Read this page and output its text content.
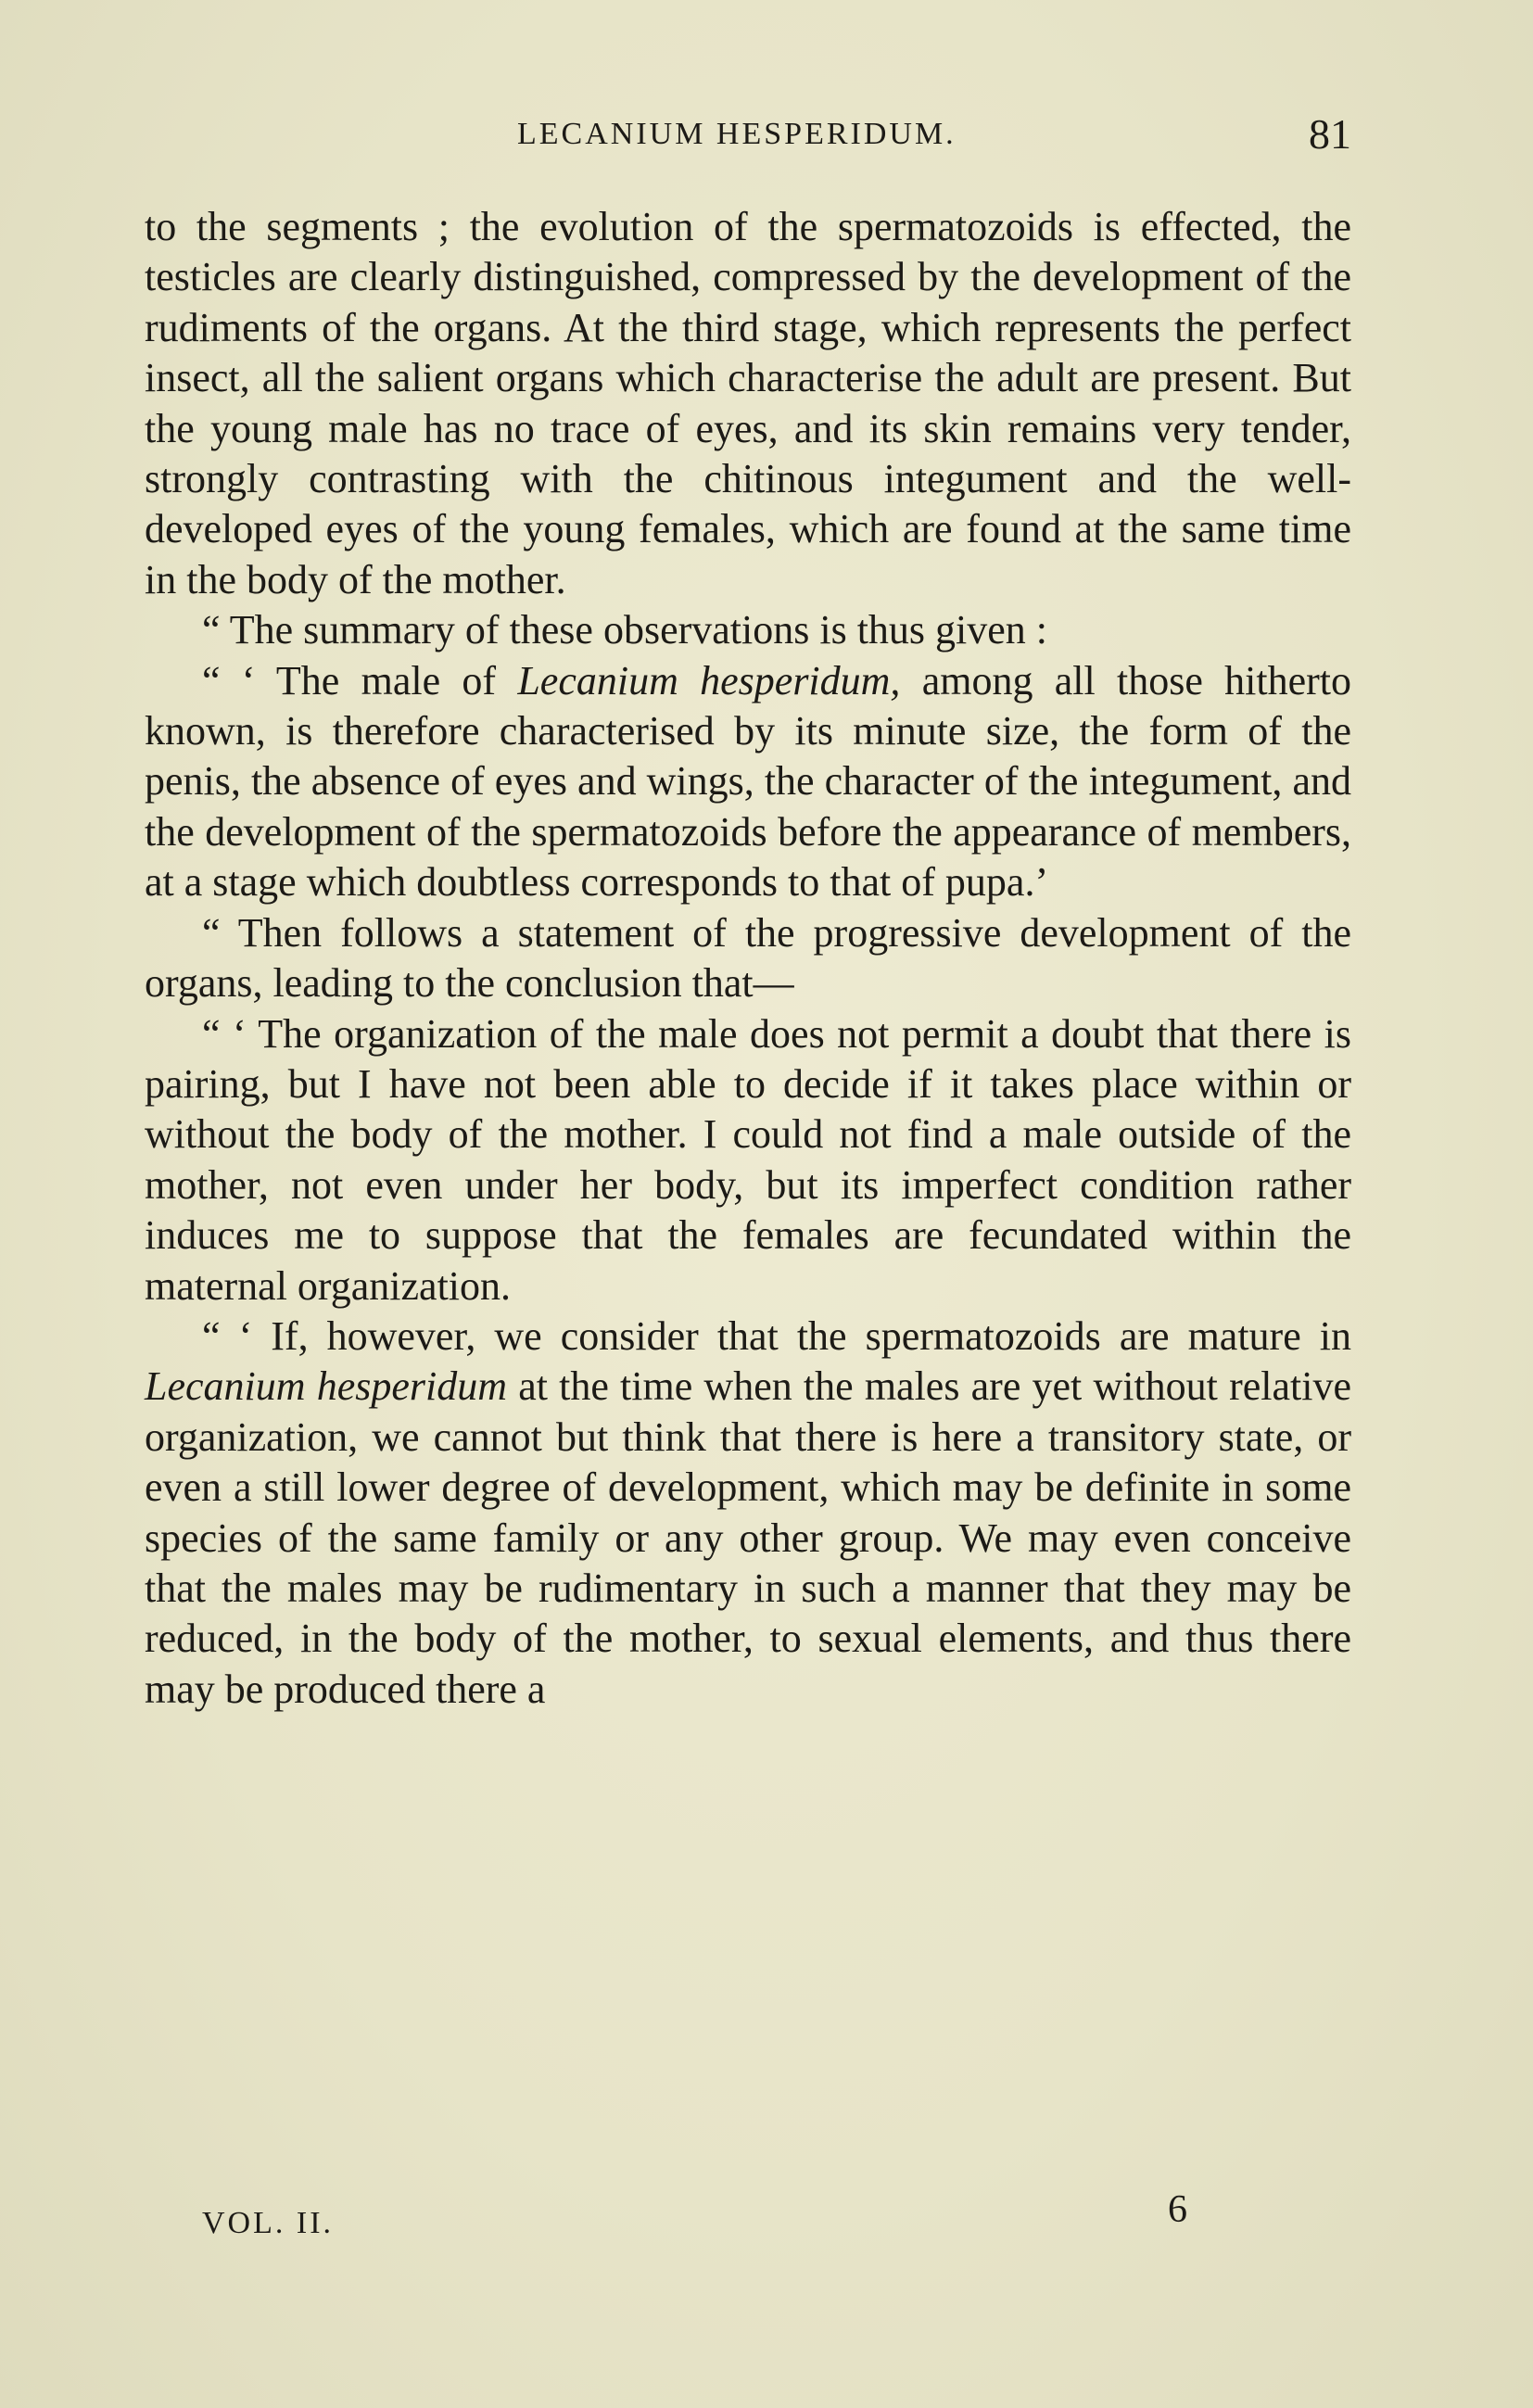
LECANIUM HESPERIDUM.	81

to the segments ; the evolution of the spermatozoids is effected, the testicles are clearly distinguished, compressed by the development of the rudiments of the organs. At the third stage, which represents the perfect insect, all the salient organs which characterise the adult are present. But the young male has no trace of eyes, and its skin remains very tender, strongly contrasting with the chitinous integument and the well-developed eyes of the young females, which are found at the same time in the body of the mother.

“ The summary of these observations is thus given :

“ ‘ The male of Lecanium hesperidum, among all those hitherto known, is therefore characterised by its minute size, the form of the penis, the absence of eyes and wings, the character of the integument, and the development of the spermatozoids before the appearance of members, at a stage which doubtless corresponds to that of pupa.’

“ Then follows a statement of the progressive development of the organs, leading to the conclusion that—

“ ‘ The organization of the male does not permit a doubt that there is pairing, but I have not been able to decide if it takes place within or without the body of the mother. I could not find a male outside of the mother, not even under her body, but its imperfect condition rather induces me to suppose that the females are fecundated within the maternal organization.

“ ‘ If, however, we consider that the spermatozoids are mature in Lecanium hesperidum at the time when the males are yet without relative organization, we cannot but think that there is here a transitory state, or even a still lower degree of development, which may be definite in some species of the same family or any other group. We may even conceive that the males may be rudimentary in such a manner that they may be reduced, in the body of the mother, to sexual elements, and thus there may be produced there a

VOL. II.	6
